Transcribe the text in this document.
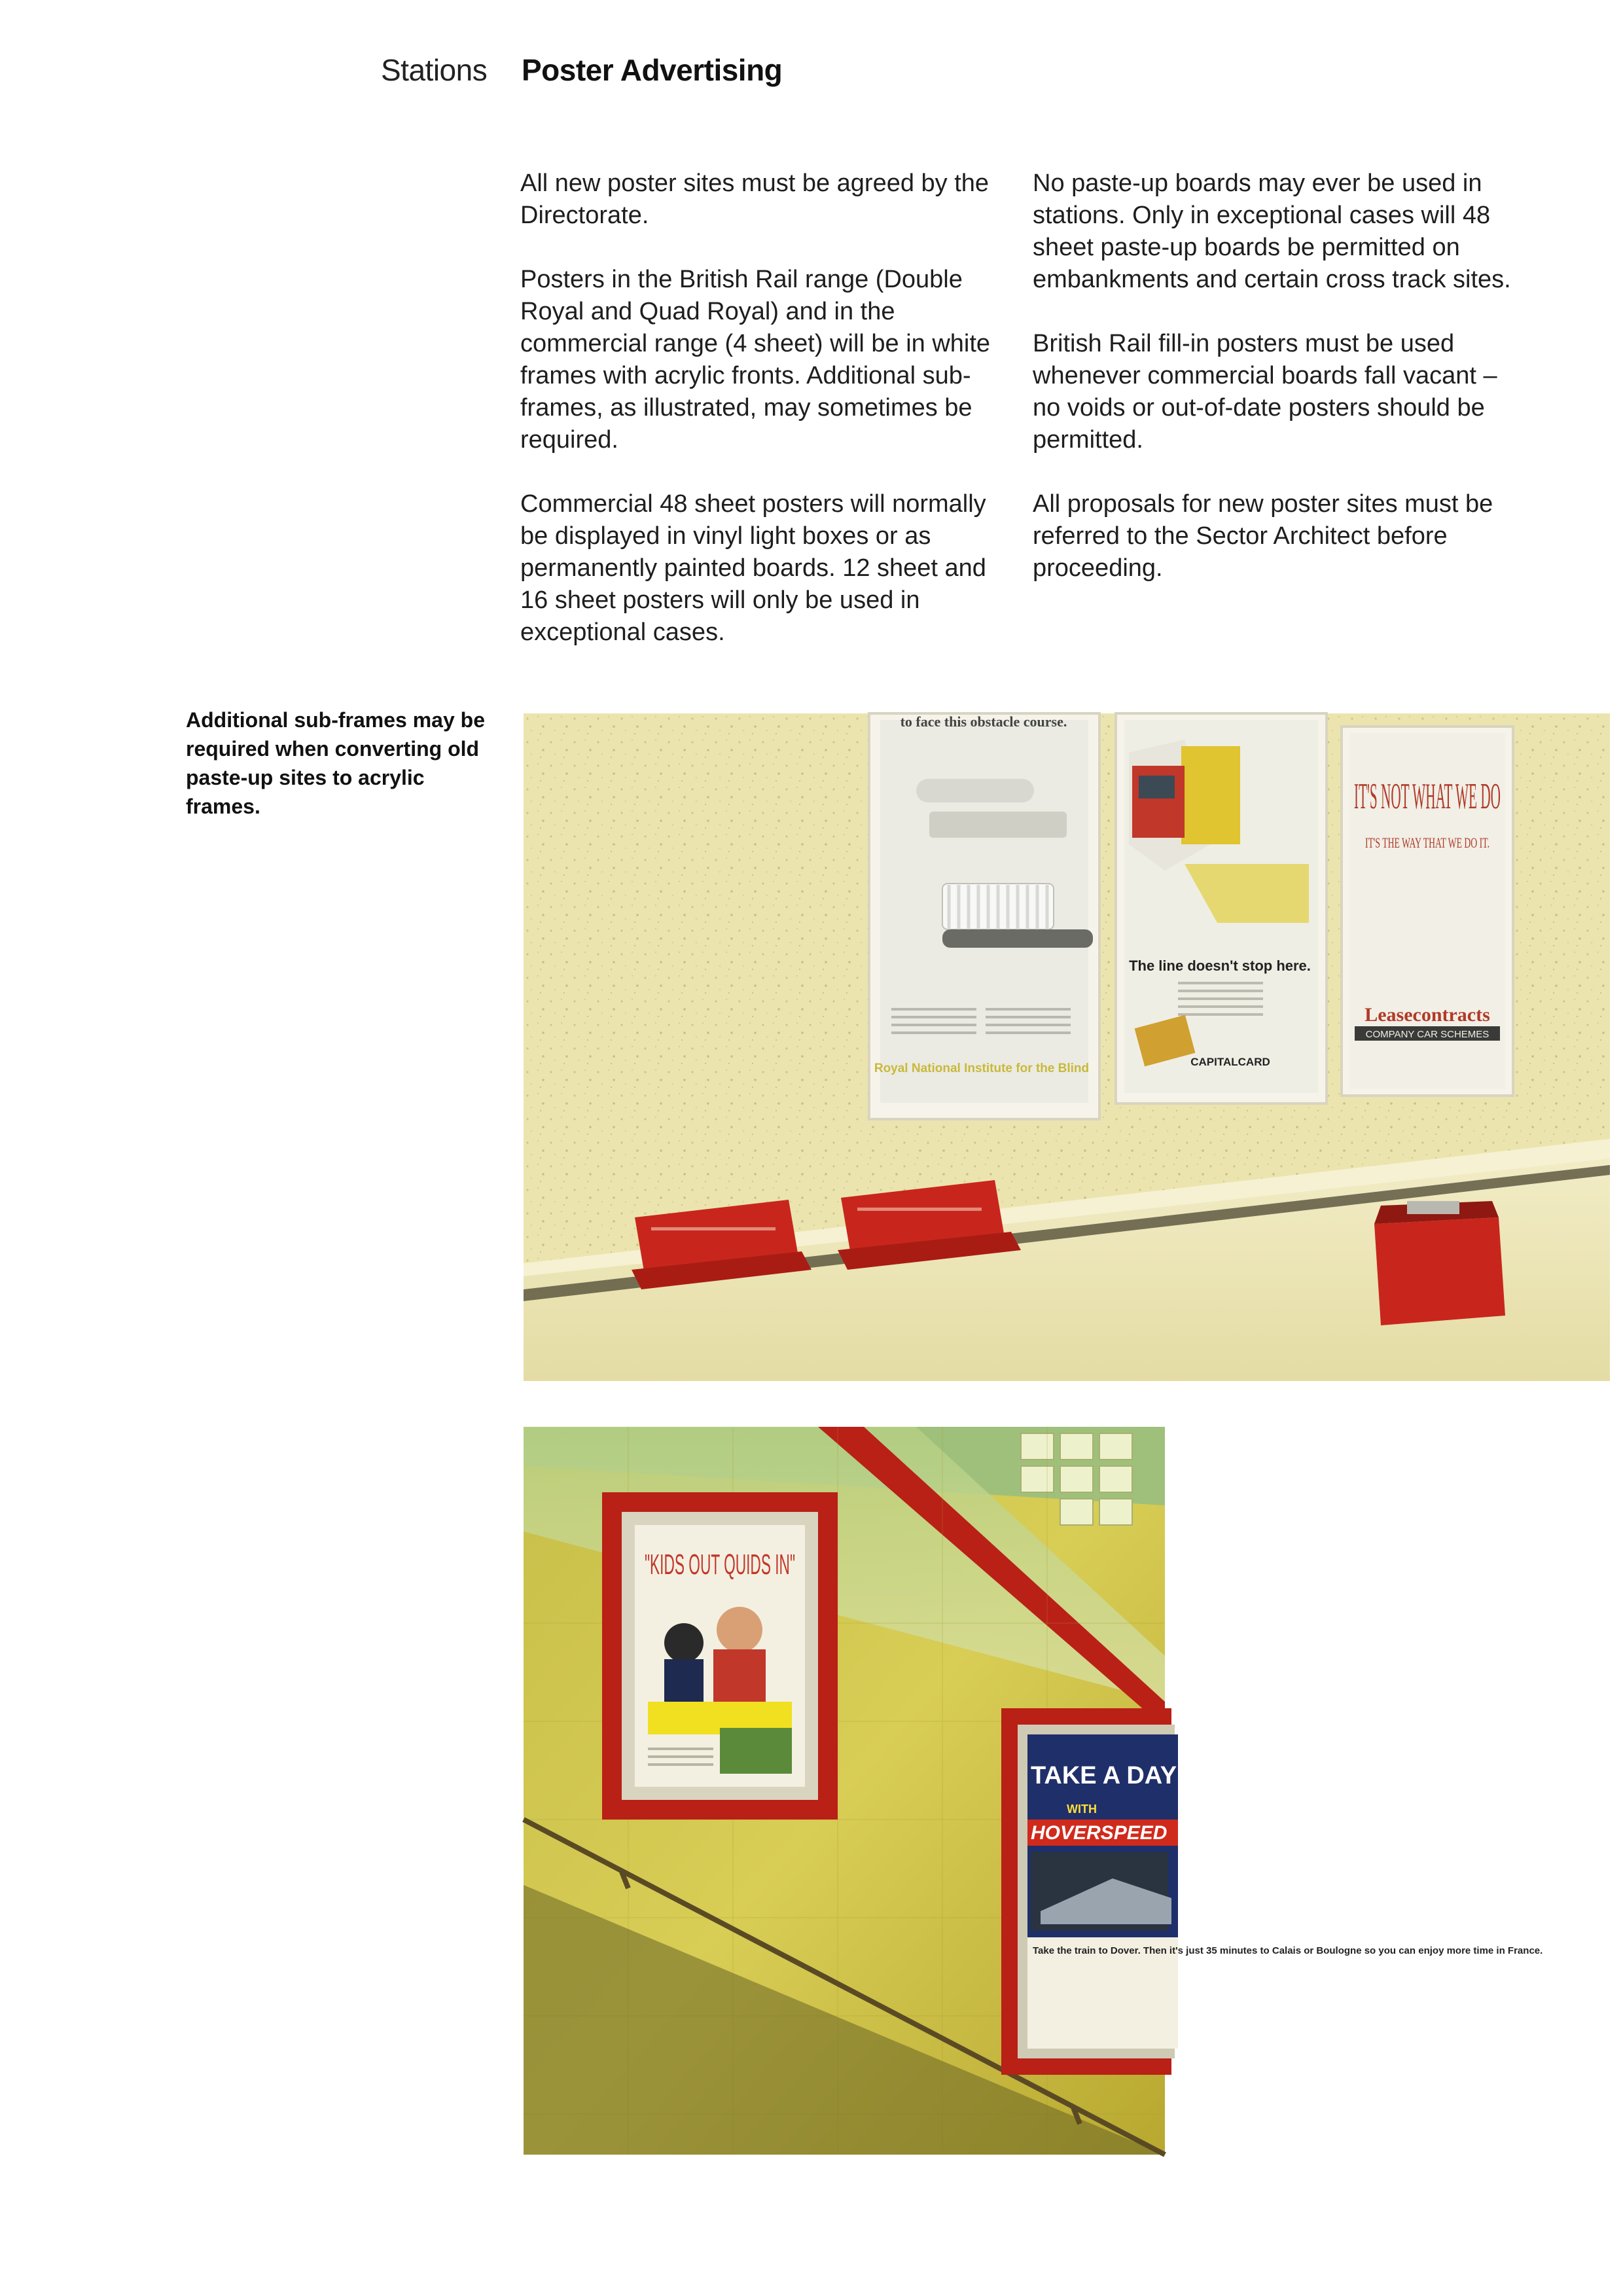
Stations Poster Advertising

All new poster sites must be agreed by the Directorate.

Posters in the British Rail range (Double Royal and Quad Royal) and in the commercial range (4 sheet) will be in white frames with acrylic fronts. Additional sub-frames, as illustrated, may sometimes be required.

Commercial 48 sheet posters will normally be displayed in vinyl light boxes or as permanently painted boards. 12 sheet and 16 sheet posters will only be used in exceptional cases.

No paste-up boards may ever be used in stations. Only in exceptional cases will 48 sheet paste-up boards be permitted on embankments and certain cross track sites.

British Rail fill-in posters must be used whenever commercial boards fall vacant – no voids or out-of-date posters should be permitted.

All proposals for new poster sites must be referred to the Sector Architect before proceeding.

Additional sub-frames may be required when converting old paste-up sites to acrylic frames.
to face this obstacle course.
Royal National Institute for the Blind
The line doesn't stop here.
CAPITALCARD
IT'S NOT WHAT WE DO
IT'S THE WAY THAT WE DO IT.
Leasecontracts
COMPANY CAR SCHEMES
"KIDS OUT QUIDS IN"
TAKE A DAY TRIP TO FRANCE
WITH
HOVERSPEED
Take the train to Dover. Then it's just 35 minutes to Calais or Boulogne so you can enjoy more time in France.
